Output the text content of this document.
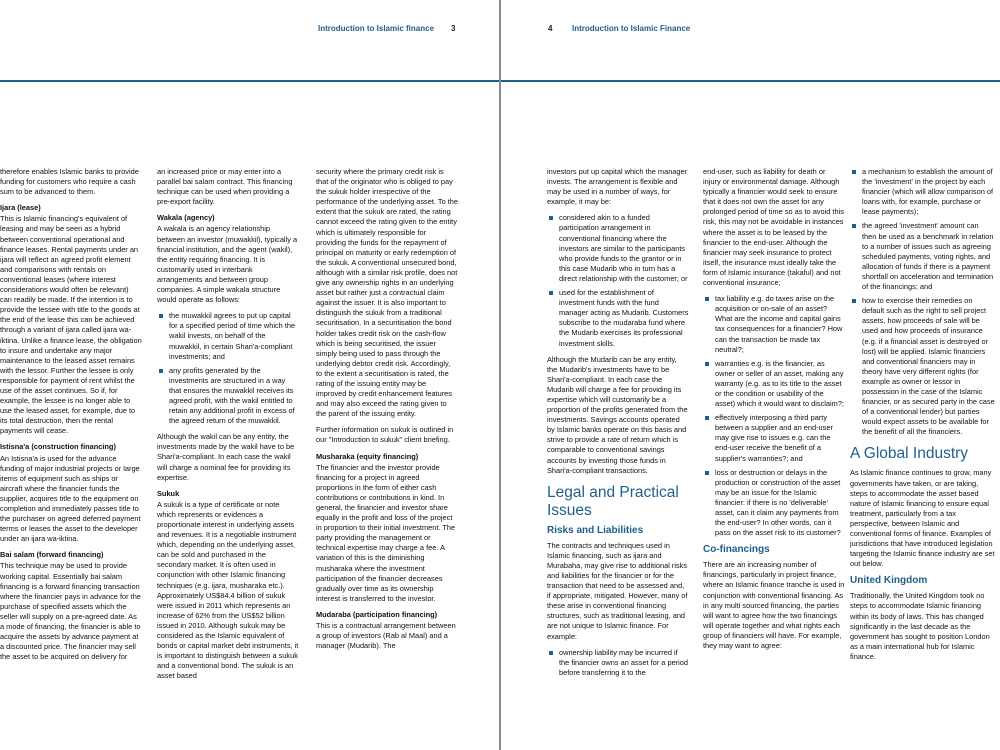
Introduction to Islamic finance 3

therefore enables Islamic banks to provide funding for customers who require a cash sum to be advanced to them.

Ijara (lease)

This is Islamic financing's equivalent of leasing and may be seen as a hybrid between conventional operational and finance leases. Rental payments under an ijara will reflect an agreed profit element and comparisons with rentals on conventional leases (where interest considerations would often be relevant) can readily be made. If the intention is to provide the lessee with title to the goods at the end of the lease this can be achieved through a variant of ijara called ijara wa-iktina. Unlike a finance lease, the obligation to insure and undertake any major maintenance to the leased asset remains with the lessor. Further the lessee is only responsible for payment of rent whilst the use of the asset continues. So if, for example, the lessee is no longer able to use the leased asset, for example, due to its total destruction, then the rental payments will cease.

Istisna'a (construction financing)

An Istisna'a is used for the advance funding of major industrial projects or large items of equipment such as ships or aircraft where the financier funds the supplier, acquires title to the equipment on completion and immediately passes title to the purchaser on agreed deferred payment terms or leases the asset to the developer under an ijara wa-iktina.

Bai salam (forward financing)

This technique may be used to provide working capital. Essentially bai salam financing is a forward financing transaction where the financier pays in advance for the purchase of specified assets which the seller will supply on a pre-agreed date. As a mode of financing, the financier is able to acquire the assets by advance payment at a discounted price. The financier may sell the asset to be acquired on delivery for

an increased price or may enter into a parallel bai salam contract. This financing technique can be used when providing a pre-export facility.

Wakala (agency)

A wakala is an agency relationship between an investor (muwakkil), typically a financial institution, and the agent (wakil), the entity requiring financing. It is customarily used in interbank arrangements and between group companies. A simple wakala structure would operate as follows:

the muwakkil agrees to put up capital for a specified period of time which the wakil invests, on behalf of the muwakkil, in certain Shari'a-compliant investments; and
any profits generated by the investments are structured in a way that ensures the muwakkil receives its agreed profit, with the wakil entitled to retain any additional profit in excess of the agreed return of the muwakkil.

Although the wakil can be any entity, the investments made by the wakil have to be Shari'a-compliant. In each case the wakil will charge a nominal fee for providing its expertise.

Sukuk

A sukuk is a type of certificate or note which represents or evidences a proportionate interest in underlying assets and revenues. It is a negotiable instrument which, depending on the underlying asset, can be sold and purchased in the secondary market. It is often used in conjunction with other Islamic financing techniques (e.g. ijara, musharaka etc.). Approximately US$84.4 billion of sukuk were issued in 2011 which represents an increase of 62% from the US$52 billion issued in 2010. Although sukuk may be considered as the Islamic equivalent of bonds or capital market debt instruments, it is important to distinguish between a sukuk and a conventional bond. The sukuk is an asset based

security where the primary credit risk is that of the originator who is obliged to pay the sukuk holder irrespective of the performance of the underlying asset. To the extent that the sukuk are rated, the rating cannot exceed the rating given to the entity which is ultimately responsible for providing the funds for the repayment of principal on maturity or early redemption of the sukuk. A conventional unsecured bond, although with a similar risk profile, does not give any ownership rights in an underlying asset but rather just a contractual claim against the issuer. It is also important to distinguish the sukuk from a traditional securitisation. In a securitisation the bond holder takes credit risk on the cash-flow which is being securitised, the issuer simply being used to pass through the underlying debtor credit risk. Accordingly, to the extent a securitisation is rated, the rating of the issuing entity may be improved by credit enhancement features and may also exceed the rating given to the parent of the issuing entity.

Further information on sukuk is outlined in our "Introduction to sukuk" client briefing.

Musharaka (equity financing)

The financier and the investor provide financing for a project in agreed proportions in the form of either cash contributions or contributions in kind. In general, the financier and investor share equally in the profit and loss of the project in proportion to their initial investment. The party providing the management or technical expertise may charge a fee. A variation of this is the diminishing musharaka where the investment participation of the financier decreases gradually over time as its ownership interest is transferred to the investor.

Mudaraba (participation financing)

This is a contractual arrangement between a group of investors (Rab al Maal) and a manager (Mudarib). The

4 Introduction to Islamic Finance

investors put up capital which the manager invests. The arrangement is flexible and may be used in a number of ways, for example, it may be:

considered akin to a funded participation arrangement in conventional financing where the investors are similar to the participants who provide funds to the grantor or in this case Mudarib who in turn has a direct relationship with the customer; or
used for the establishment of investment funds with the fund manager acting as Mudarib. Customers subscribe to the mudaraba fund where the Mudarib exercises its professional investment skills.

Although the Mudarib can be any entity, the Mudarib's investments have to be Shari'a-compliant. In each case the Mudarib will charge a fee for providing its expertise which will customarily be a proportion of the profits generated from the investments. Savings accounts operated by Islamic banks operate on this basis and strive to provide a rate of return which is comparable to conventional savings accounts by investing those funds in Shari'a-compliant transactions.

Legal and Practical Issues
Risks and Liabilities

The contracts and techniques used in Islamic financing, such as ijara and Murabaha, may give rise to additional risks and liabilities for the financier or for the transaction that need to be assessed and, if appropriate, mitigated. However, many of these arise in conventional financing structures, such as traditional leasing, and are not unique to Islamic finance. For example:

ownership liability may be incurred if the financier owns an asset for a period before transferring it to the

end-user, such as liability for death or injury or environmental damage. Although typically a financier would seek to ensure that it does not own the asset for any prolonged period of time so as to avoid this risk, this may not be avoidable in instances where the asset is to be leased by the financier to the end-user. Although the financier may seek insurance to protect itself, the insurance must ideally take the form of Islamic insurance (takaful) and not conventional insurance;

tax liability e.g. do taxes arise on the acquisition or on-sale of an asset? What are the income and capital gains tax consequences for a financier? How can the transaction be made tax neutral?;
warranties e.g. is the financier, as owner or seller of an asset, making any warranty (e.g. as to its title to the asset or the condition or usability of the asset) which it would want to disclaim?;
effectively interposing a third party between a supplier and an end-user may give rise to issues e.g. can the end-user receive the benefit of a supplier's warranties?; and
loss or destruction or delays in the production or construction of the asset may be an issue for the Islamic financier: if there is no 'deliverable' asset, can it claim any payments from the end-user? In other words, can it pass on the asset risk to its customer?
Co-financings

There are an increasing number of financings, particularly in project finance, where an Islamic finance tranche is used in conjunction with conventional financing. As in any multi sourced financing, the parties will want to agree how the two financings will operate together and what rights each group of financiers will have. For example, they may want to agree:

a mechanism to establish the amount of the 'investment' in the project by each financier (which will allow comparison of loans with, for example, purchase or lease payments);
the agreed 'investment' amount can then be used as a benchmark in relation to a number of issues such as agreeing scheduled payments, voting rights, and allocation of funds if there is a payment shortfall on acceleration and termination of the financings; and
how to exercise their remedies on default such as the right to sell project assets, how proceeds of sale will be used and how proceeds of insurance (e.g. if a financial asset is destroyed or lost) will be applied. Islamic financiers and conventional financiers may in theory have very different rights (for example as owner or lessor in possession in the case of the Islamic financier, or as secured party in the case of a conventional lender) but parties would expect assets to be available for the benefit of all the financiers.
A Global Industry

As Islamic finance continues to grow, many governments have taken, or are taking, steps to accommodate the asset based nature of Islamic financing to ensure equal treatment, particularly from a tax perspective, between Islamic and conventional forms of finance. Examples of jurisdictions that have introduced legislation targeting the Islamic finance industry are set out below.

United Kingdom

Traditionally, the United Kingdom took no steps to accommodate Islamic financing within its body of laws. This has changed significantly in the last decade as the government has sought to position London as a main international hub for Islamic finance.
